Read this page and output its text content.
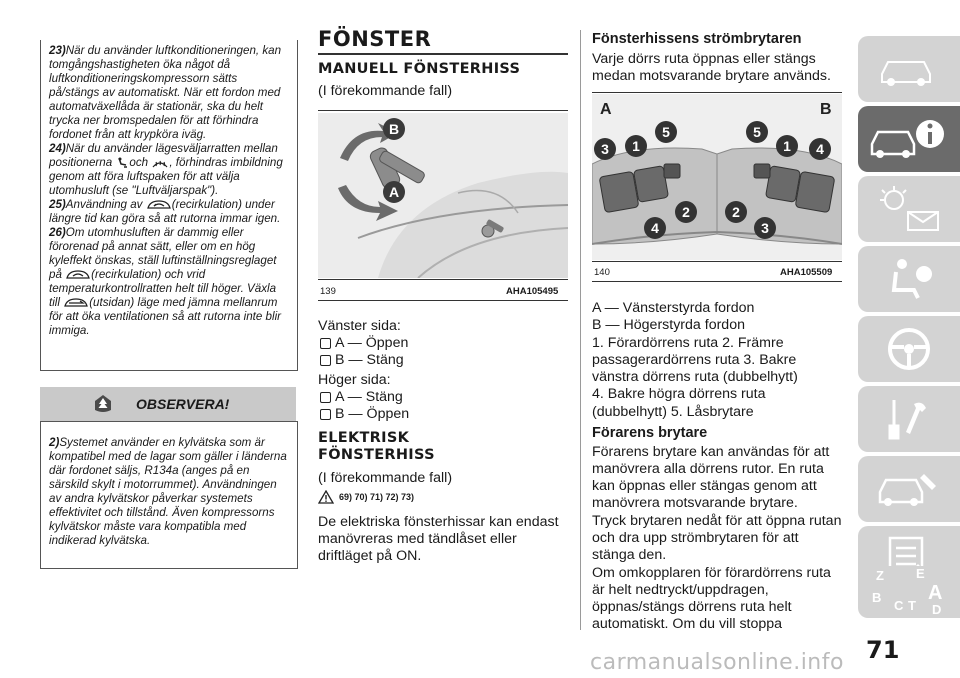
23)När du använder luftkonditioneringen, kan tomgångshastigheten öka något då luftkonditioneringskompressorn sätts på/stängs av automatiskt. När ett fordon med automatväxellåda är stationär, ska du helt trycka ner bromspedalen för att förhindra fordonet från att krypköra iväg.

24)När du använder lägesväljarratten mellan positionerna och , förhindras imbildning genom att föra luftspaken för att välja utomhusluft (se "Luftväljarspak").

25)Användning av	(recirkulation) under längre tid kan göra så att rutorna immar igen.

26)Om utomhusluften är dammig eller förorenad på annat sätt, eller om en hög kyleffekt önskas, ställ luftinställningsreglaget på	(recirkulation) och vrid temperaturkontrollratten helt till höger. Växla till	(utsidan) läge med jämna mellanrum för att öka ventilationen så att rutorna inte blir immiga.

OBSERVERA!

2)Systemet använder en kylvätska som är kompatibel med de lagar som gäller i länderna där fordonet säljs, R134a (anges på en särskild skylt i motorrummet). Användningen av andra kylvätskor påverkar systemets effektivitet och tillstånd. Även kompressorns kylvätskor måste vara kompatibla med indikerad kylvätska.

FÖNSTER
MANUELL FÖNSTERHISS
(I förekommande fall)
B
A
139	AHA105495
Vänster sida:
A — Öppen
B — Stäng
Höger sida:
A — Stäng
B — Öppen
ELEKTRISK FÖNSTERHISS
(I förekommande fall)
69) 70) 71) 72) 73)
De elektriska fönsterhissar kan endast manövreras med tändlåset eller driftläget på ON.
Fönsterhissens strömbrytaren
Varje dörrs ruta öppnas eller stängs medan motsvarande brytare används.
A	B
3 1
5
2
4
5
1 4
2
3
140	AHA105509
A — Vänsterstyrda fordon
B — Högerstyrda fordon
1. Förardörrens ruta 2. Främre passagerardörrens ruta 3. Bakre vänstra dörrens ruta (dubbelhytt)
4. Bakre högra dörrens ruta (dubbelhytt) 5. Låsbrytare
Förarens brytare
Förarens brytare kan användas för att manövrera alla dörrens rutor. En ruta kan öppnas eller stängas genom att manövrera motsvarande brytare.
Tryck brytaren nedåt för att öppna rutan och dra upp strömbrytaren för att stänga den.
Om omkopplaren för förardörrens ruta är helt nedtryckt/uppdragen, öppnas/stängs dörrens ruta helt automatiskt. Om du vill stoppa
Z E
A
B
C T D
71
carmanualsonline.info
